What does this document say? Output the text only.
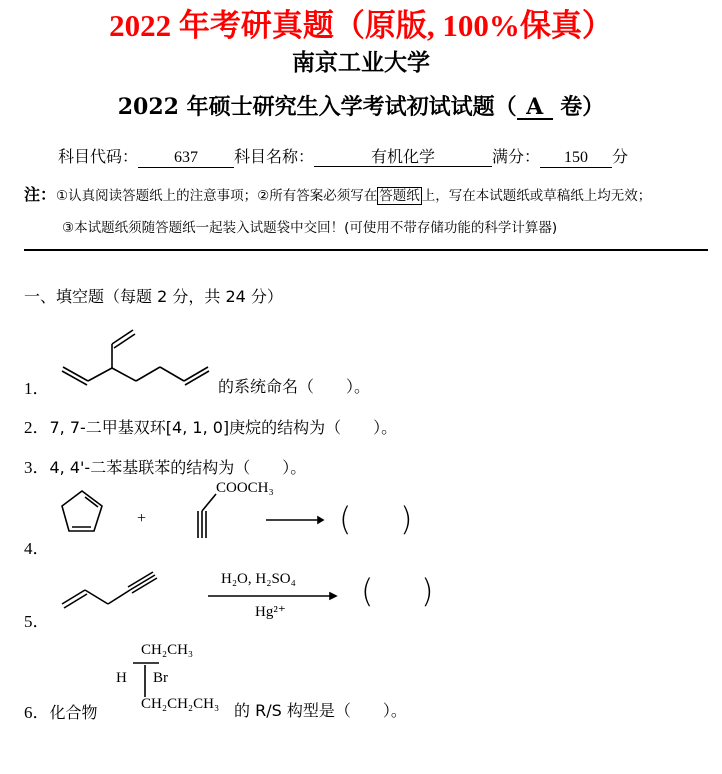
2022 年考研真题（原版, 100%保真）
南京工业大学
2022 年硕士研究生入学考试初试试题（ A 卷）
科目代码： 637 科目名称：	有机化学	满分： 150 分
注：①认真阅读答题纸上的注意事项；②所有答案必须写在 答题纸 上，写在本试题纸或草稿纸上均无效；
③本试题纸须随答题纸一起装入试题袋中交回！(可使用不带存储功能的科学计算器)
一、填空题（每题 2 分，共 24 分）
1．	的系统命名（　　）。
2．7, 7-二甲基双环[4, 1, 0]庚烷的结构为（　　）。
3．4, 4'-二苯基联苯的结构为（　　）。
4．
+
COOCH₃
( )
5．
H₂O, H₂SO₄
Hg²⁺
( )
6．化合物
CH₂CH₃
H Br
CH₂CH₂CH₃ 的 R/S 构型是（　　）。
